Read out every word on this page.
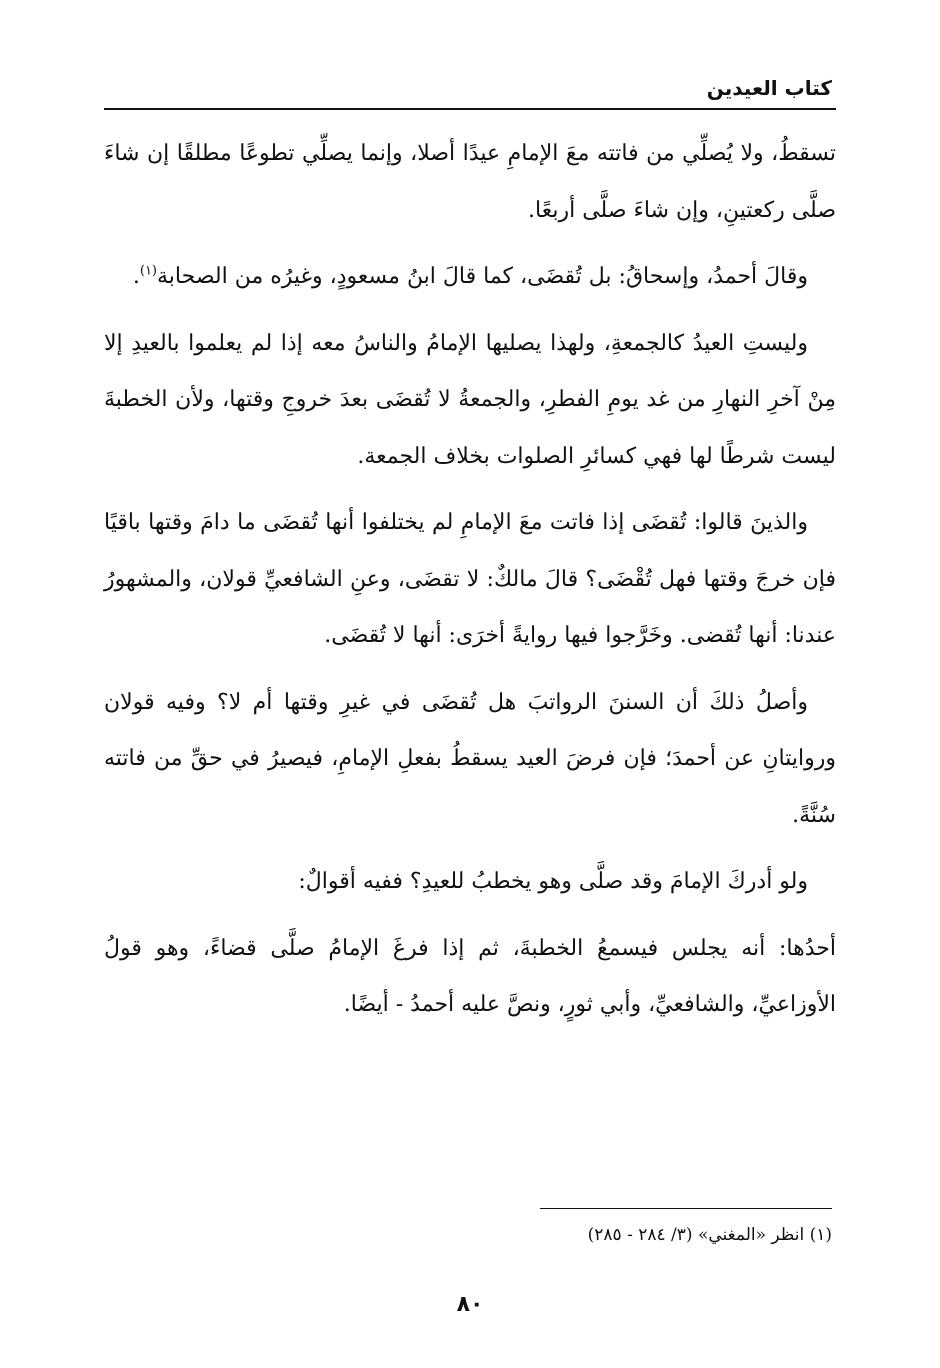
كتاب العيدين

تسقطُ، ولا يُصلِّي من فاتته معَ الإمامِ عيدًا أصلا، وإنما يصلِّي تطوعًا مطلقًا إن شاءَ صلَّى ركعتينِ، وإن شاءَ صلَّى أربعًا.

وقالَ أحمدُ، وإسحاقُ: بل تُقضَى، كما قالَ ابنُ مسعودٍ، وغيرُه من الصحابة$^{(١)}$.

وليستِ العيدُ كالجمعةِ، ولهذا يصليها الإمامُ والناسُ معه إذا لم يعلموا بالعيدِ إلا مِنْ آخرِ النهارِ من غد يومِ الفطرِ، والجمعةُ لا تُقضَى بعدَ خروجِ وقتها، ولأن الخطبةَ ليست شرطًا لها فهي كسائرِ الصلوات بخلاف الجمعة.

والذينَ قالوا: تُقضَى إذا فاتت معَ الإمامِ لم يختلفوا أنها تُقضَى ما دامَ وقتها باقيًا فإن خرجَ وقتها فهل تُقْضَى؟ قالَ مالكٌ: لا تقضَى، وعنِ الشافعيِّ قولان، والمشهورُ عندنا: أنها تُقضى. وخَرَّجوا فيها روايةً أخرَى: أنها لا تُقضَى.

وأصلُ ذلكَ أن السننَ الرواتبَ هل تُقضَى في غيرِ وقتها أم لا؟ وفيه قولان وروايتانِ عن أحمدَ؛ فإن فرضَ العيد يسقطُ بفعلِ الإمامِ، فيصيرُ في حقِّ من فاتته سُنَّةً.

ولو أدركَ الإمامَ وقد صلَّى وهو يخطبُ للعيدِ؟ ففيه أقوالٌ:

أحدُها: أنه يجلس فيسمعُ الخطبةَ، ثم إذا فرغَ الإمامُ صلَّى قضاءً، وهو قولُ الأوزاعيِّ، والشافعيِّ، وأبي ثورٍ، ونصَّ عليه أحمدُ - أيضًا.

(١) انظر «المغني» (٣/ ٢٨٤ - ٢٨٥)
٨٠
